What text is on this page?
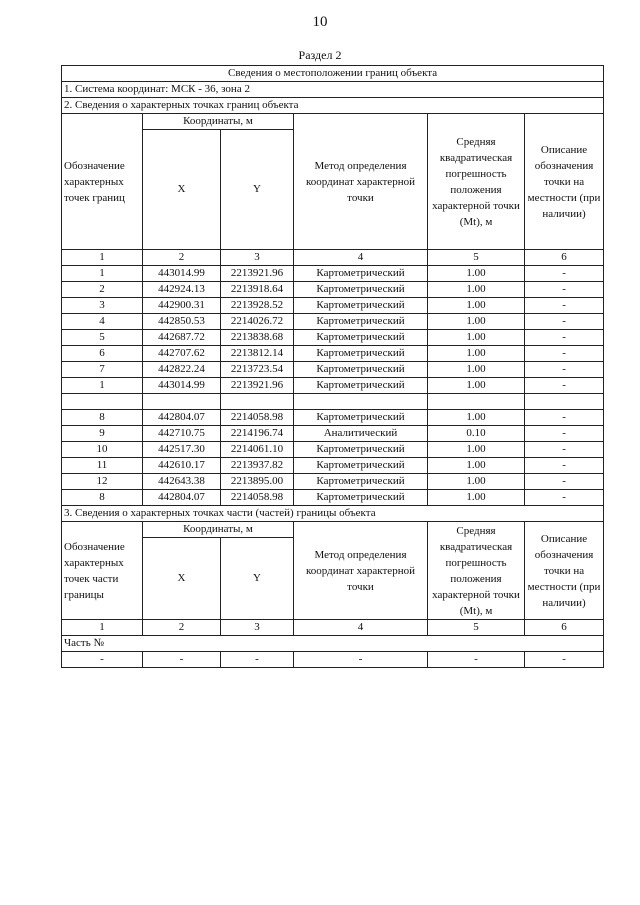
10
Раздел 2
Сведения о местоположении границ объекта					
1. Система координат: МСК - 36, зона 2					
2. Сведения о характерных точках границ объекта					
Обозначение характерных точек границ	Координаты, м		Метод определения координат характерной точки	Средняя квадратическая погрешность положения характерной точки (Mt), м	Описание обозначения точки на местности (при наличии)
	X	Y			
1	2	3	4	5	6
1	443014.99	2213921.96	Картометрический	1.00	-
2	442924.13	2213918.64	Картометрический	1.00	-
3	442900.31	2213928.52	Картометрический	1.00	-
4	442850.53	2214026.72	Картометрический	1.00	-
5	442687.72	2213838.68	Картометрический	1.00	-
6	442707.62	2213812.14	Картометрический	1.00	-
7	442822.24	2213723.54	Картометрический	1.00	-
1	443014.99	2213921.96	Картометрический	1.00	-

8	442804.07	2214058.98	Картометрический	1.00	-
9	442710.75	2214196.74	Аналитический	0.10	-
10	442517.30	2214061.10	Картометрический	1.00	-
11	442610.17	2213937.82	Картометрический	1.00	-
12	442643.38	2213895.00	Картометрический	1.00	-
8	442804.07	2214058.98	Картометрический	1.00	-
3. Сведения о характерных точках части (частей) границы объекта					
Обозначение характерных точек части границы	Координаты, м		Метод определения координат характерной точки	Средняя квадратическая погрешность положения характерной точки (Mt), м	Описание обозначения точки на местности (при наличии)
	X	Y			
1	2	3	4	5	6
Часть №					
-	-	-	-	-	-
